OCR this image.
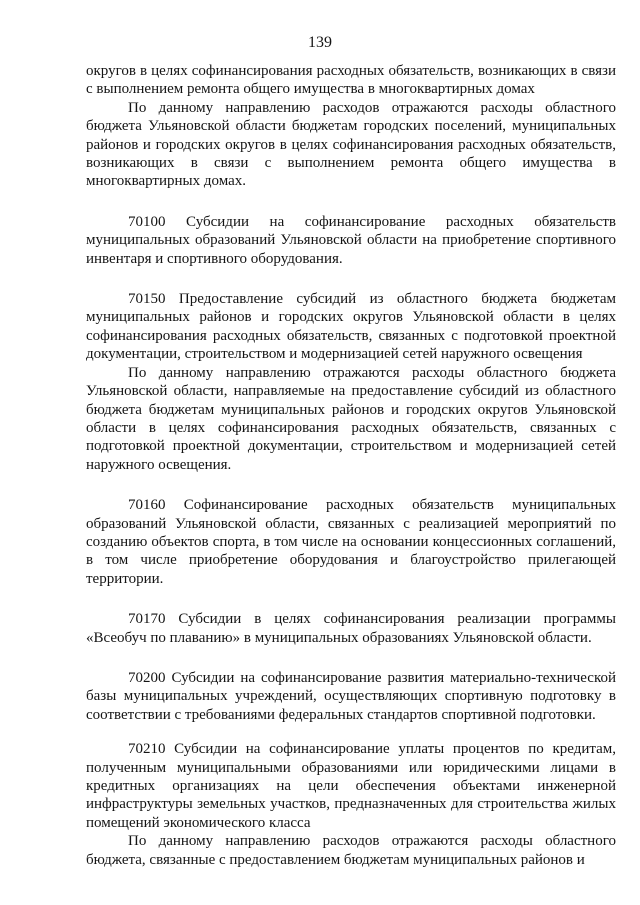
139

округов в целях софинансирования расходных обязательств, возникающих в связи с выполнением ремонта общего имущества в многоквартирных домах

По данному направлению расходов отражаются расходы областного бюджета Ульяновской области бюджетам городских поселений, муниципальных районов и городских округов в целях софинансирования расходных обязательств, возникающих в связи с выполнением ремонта общего имущества в многоквартирных домах.

70100 Субсидии на софинансирование расходных обязательств муниципальных образований Ульяновской области на приобретение спортивного инвентаря и спортивного оборудования.

70150 Предоставление субсидий из областного бюджета бюджетам муниципальных районов и городских округов Ульяновской области в целях софинансирования расходных обязательств, связанных с подготовкой проектной документации, строительством и модернизацией сетей наружного освещения

По данному направлению отражаются расходы областного бюджета Ульяновской области, направляемые на предоставление субсидий из областного бюджета бюджетам муниципальных районов и городских округов Ульяновской области в целях софинансирования расходных обязательств, связанных с подготовкой проектной документации, строительством и модернизацией сетей наружного освещения.

70160 Софинансирование расходных обязательств муниципальных образований Ульяновской области, связанных с реализацией мероприятий по созданию объектов спорта, в том числе на основании концессионных соглашений, в том числе приобретение оборудования и благоустройство прилегающей территории.

70170 Субсидии в целях софинансирования реализации программы «Всеобуч по плаванию» в муниципальных образованиях Ульяновской области.

70200 Субсидии на софинансирование развития материально-технической базы муниципальных учреждений, осуществляющих спортивную подготовку в соответствии с требованиями федеральных стандартов спортивной подготовки.

70210 Субсидии на софинансирование уплаты процентов по кредитам, полученным муниципальными образованиями или юридическими лицами в кредитных организациях на цели обеспечения объектами инженерной инфраструктуры земельных участков, предназначенных для строительства жилых помещений экономического класса

По данному направлению расходов отражаются расходы областного бюджета, связанные с предоставлением бюджетам муниципальных районов и
